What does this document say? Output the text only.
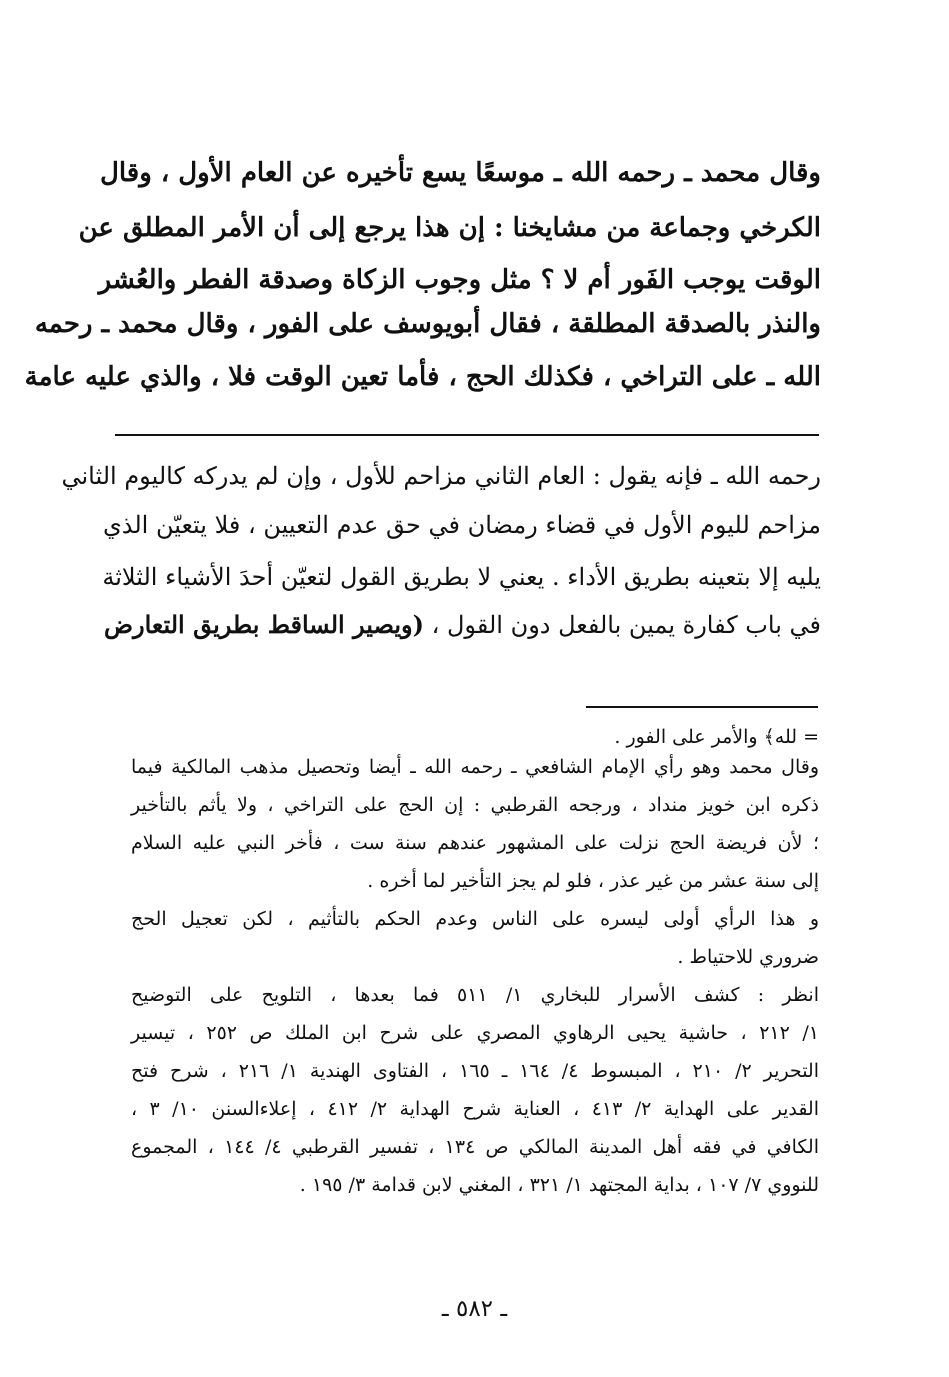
وقال محمد ـ رحمه الله ـ موسعًا يسع تأخيره عن العام الأول ، وقال
الكرخي وجماعة من مشايخنا : إن هذا يرجع إلى أن الأمر المطلق عن
الوقت يوجب الفَور أم لا ؟ مثل وجوب الزكاة وصدقة الفطر والعُشر
والنذر بالصدقة المطلقة ، فقال أبويوسف على الفور ، وقال محمد ـ رحمه
الله ـ على التراخي ، فكذلك الحج ، فأما تعين الوقت فلا ، والذي عليه عامة
رحمه الله ـ فإنه يقول : العام الثاني مزاحم للأول ، وإن لم يدركه كاليوم الثاني
مزاحم لليوم الأول في قضاء رمضان في حق عدم التعيين ، فلا يتعيّن الذي
يليه إلا بتعينه بطريق الأداء . يعني لا بطريق القول لتعيّن أحدَ الأشياء الثلاثة
في باب كفارة يمين بالفعل دون القول ، (ويصير الساقط بطريق التعارض
= لله﴾ والأمر على الفور .
وقال محمد وهو رأي الإمام الشافعي ـ رحمه الله ـ أيضا وتحصيل مذهب المالكية فيما
ذكره ابن خويز منداد ، ورجحه القرطبي : إن الحج على التراخي ، ولا يأثم بالتأخير
؛ لأن فريضة الحج نزلت على المشهور عندهم سنة ست ، فأخر النبي عليه السلام
إلى سنة عشر من غير عذر ، فلو لم يجز التأخير لما أخره .
و هذا الرأي أولى ليسره على الناس وعدم الحكم بالتأثيم ، لكن تعجيل الحج
ضروري للاحتياط .
انظر : كشف الأسرار للبخاري ١/ ٥١١ فما بعدها ، التلويح على التوضيح
١/ ٢١٢ ، حاشية يحيى الرهاوي المصري على شرح ابن الملك ص ٢٥٢ ، تيسير
التحرير ٢/ ٢١٠ ، المبسوط ٤/ ١٦٤ ـ ١٦٥ ، الفتاوى الهندية ١/ ٢١٦ ، شرح فتح
القدير على الهداية ٢/ ٤١٣ ، العناية شرح الهداية ٢/ ٤١٢ ، إعلاءالسنن ١٠/ ٣ ،
الكافي في فقه أهل المدينة المالكي ص ١٣٤ ، تفسير القرطبي ٤/ ١٤٤ ، المجموع
للنووي ٧/ ١٠٧ ، بداية المجتهد ١/ ٣٢١ ، المغني لابن قدامة ٣/ ١٩٥ .
ـ ٥٨٢ ـ
